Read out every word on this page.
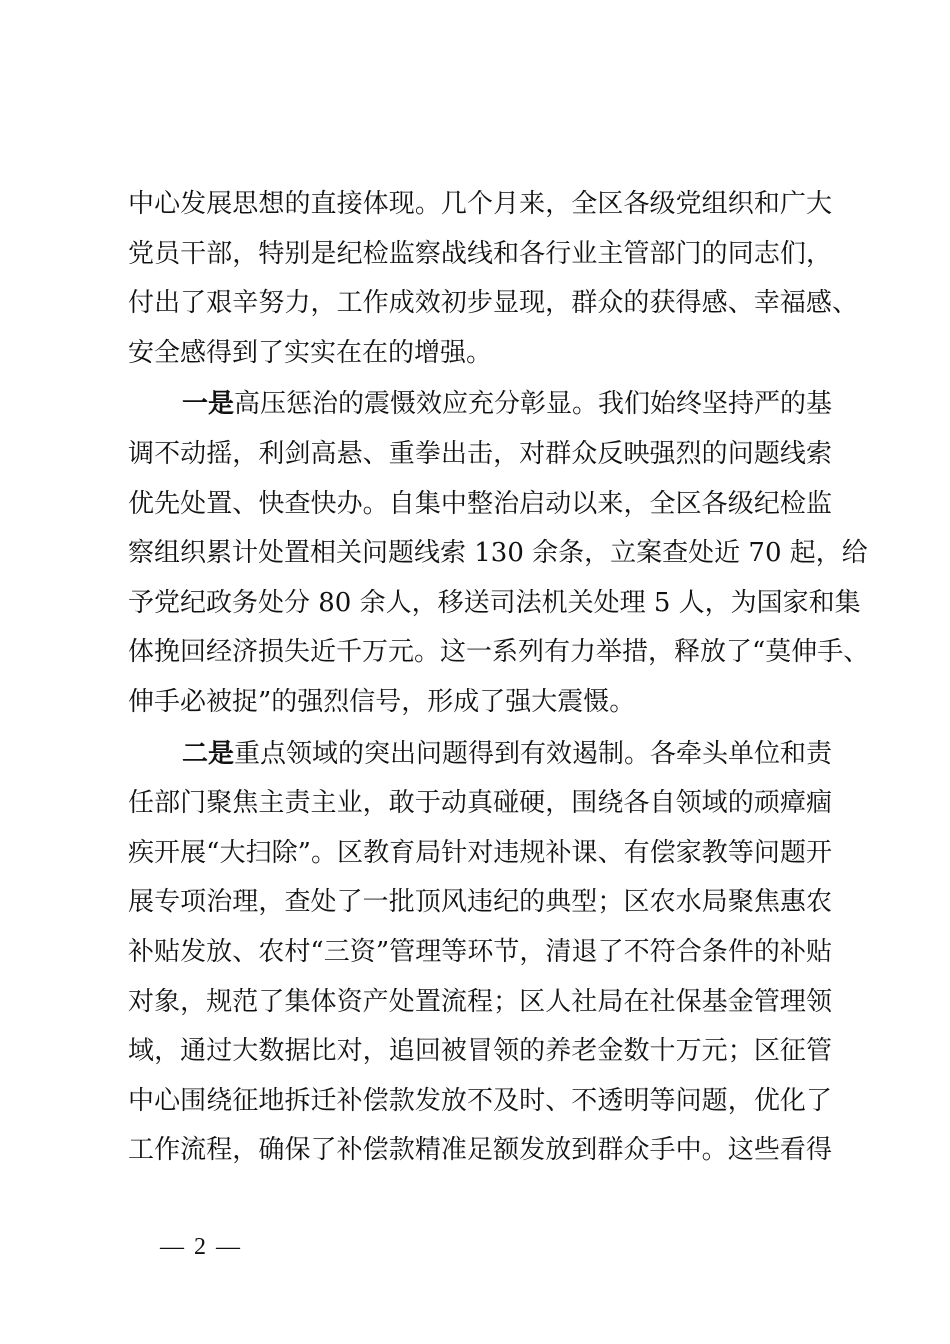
中心发展思想的直接体现。几个月来，全区各级党组织和广大
党员干部，特别是纪检监察战线和各行业主管部门的同志们，
付出了艰辛努力，工作成效初步显现，群众的获得感、幸福感、
安全感得到了实实在在的增强。
一是高压惩治的震慑效应充分彰显。我们始终坚持严的基
调不动摇，利剑高悬、重拳出击，对群众反映强烈的问题线索
优先处置、快查快办。自集中整治启动以来，全区各级纪检监
察组织累计处置相关问题线索 130 余条，立案查处近 70 起，给
予党纪政务处分 80 余人，移送司法机关处理 5 人，为国家和集
体挽回经济损失近千万元。这一系列有力举措，释放了“莫伸手、
伸手必被捉”的强烈信号，形成了强大震慑。
二是重点领域的突出问题得到有效遏制。各牵头单位和责
任部门聚焦主责主业，敢于动真碰硬，围绕各自领域的顽瘴痼
疾开展“大扫除”。区教育局针对违规补课、有偿家教等问题开
展专项治理，查处了一批顶风违纪的典型；区农水局聚焦惠农
补贴发放、农村“三资”管理等环节，清退了不符合条件的补贴
对象，规范了集体资产处置流程；区人社局在社保基金管理领
域，通过大数据比对，追回被冒领的养老金数十万元；区征管
中心围绕征地拆迁补偿款发放不及时、不透明等问题，优化了
工作流程，确保了补偿款精准足额发放到群众手中。这些看得
— 2 —
